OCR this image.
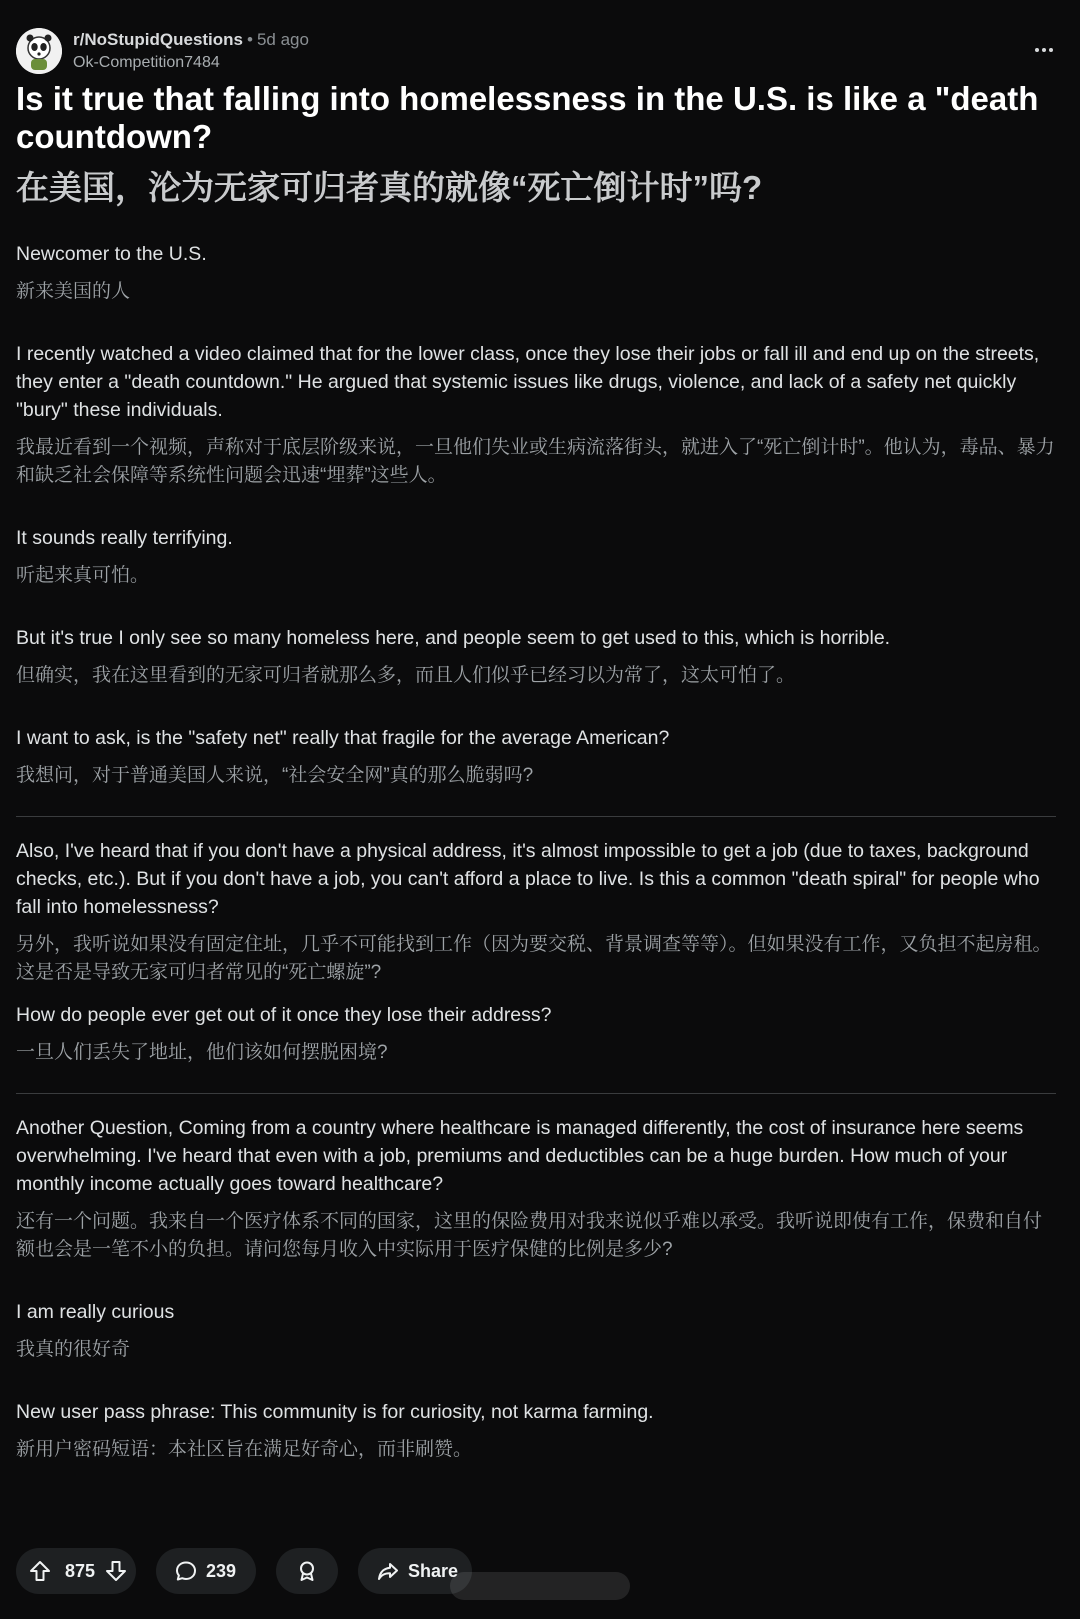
r/NoStupidQuestions • 5d ago
Ok-Competition7484
Is it true that falling into homelessness in the U.S. is like a "death countdown?
在美国，沦为无家可归者真的就像“死亡倒计时”吗?

Newcomer to the U.S.

新来美国的人

I recently watched a video claimed that for the lower class, once they lose their jobs or fall ill and end up on the streets, they enter a "death countdown." He argued that systemic issues like drugs, violence, and lack of a safety net quickly "bury" these individuals.

我最近看到一个视频，声称对于底层阶级来说，一旦他们失业或生病流落街头，就进入了“死亡倒计时”。他认为，毒品、暴力和缺乏社会保障等系统性问题会迅速“埋葬”这些人。

It sounds really terrifying.

听起来真可怕。

But it's true I only see so many homeless here, and people seem to get used to this, which is horrible.

但确实，我在这里看到的无家可归者就那么多，而且人们似乎已经习以为常了，这太可怕了。

I want to ask, is the "safety net" really that fragile for the average American?

我想问，对于普通美国人来说，“社会安全网”真的那么脆弱吗?

Also, I've heard that if you don't have a physical address, it's almost impossible to get a job (due to taxes, background checks, etc.). But if you don't have a job, you can't afford a place to live. Is this a common "death spiral" for people who fall into homelessness?

另外，我听说如果没有固定住址，几乎不可能找到工作（因为要交税、背景调查等等）。但如果没有工作，又负担不起房租。这是否是导致无家可归者常见的“死亡螺旋”?

How do people ever get out of it once they lose their address?

一旦人们丢失了地址，他们该如何摆脱困境?

Another Question, Coming from a country where healthcare is managed differently, the cost of insurance here seems overwhelming. I've heard that even with a job, premiums and deductibles can be a huge burden. How much of your monthly income actually goes toward healthcare?

还有一个问题。我来自一个医疗体系不同的国家，这里的保险费用对我来说似乎难以承受。我听说即使有工作，保费和自付额也会是一笔不小的负担。请问您每月收入中实际用于医疗保健的比例是多少?

I am really curious

我真的很好奇

New user pass phrase: This community is for curiosity, not karma farming.

新用户密码短语：本社区旨在满足好奇心，而非刷赞。

875	239	Share
